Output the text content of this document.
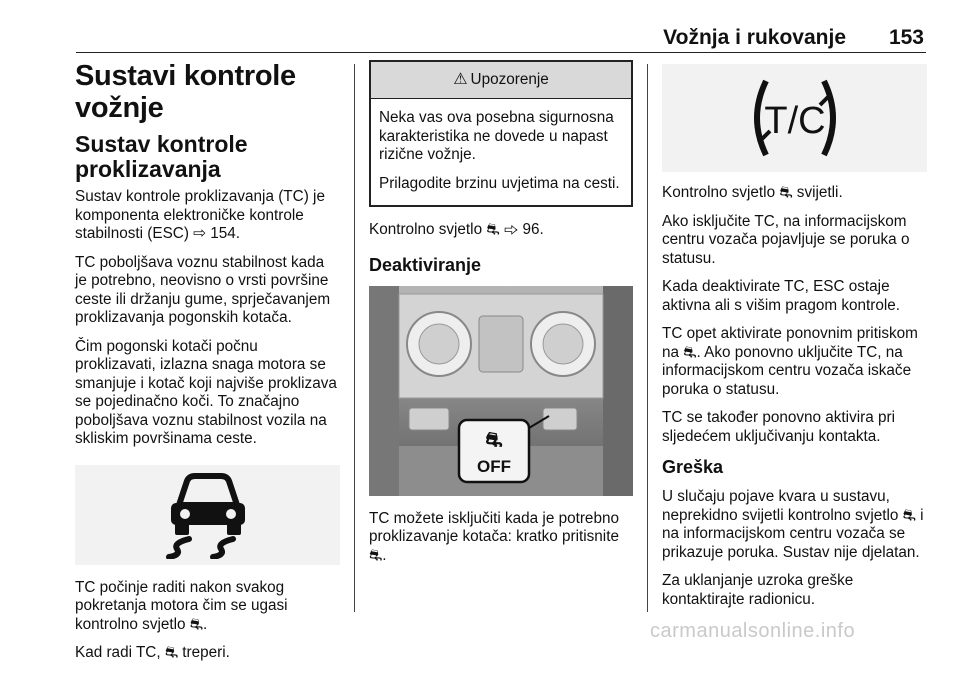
Vožnja i rukovanje 153
Sustavi kontrole vožnje
Sustav kontrole
proklizavanja

Sustav kontrole proklizavanja (TC) je komponenta elektroničke kontrole stabilnosti (ESC) ⇨ 154.

TC poboljšava voznu stabilnost kada je potrebno, neovisno o vrsti površine ceste ili držanju gume, sprječavanjem proklizavanja pogonskih kotača.

Čim pogonski kotači počnu proklizavati, izlazna snaga motora se smanjuje i kotač koji najviše proklizava se pojedinačno koči. To značajno poboljšava voznu stabilnost vozila na skliskim površinama ceste.

TC počinje raditi nakon svakog pokretanja motora čim se ugasi kontrolno svjetlo ⛐.

Kad radi TC, ⛐ treperi.

⚠ Upozorenje

Neka vas ova posebna sigurnosna karakteristika ne dovede u napast rizične vožnje.

Prilagodite brzinu uvjetima na cesti.

Kontrolno svjetlo ⛐ ⇨ 96.

Deaktiviranje
⛐
OFF

TC možete isključiti kada je potrebno proklizavanje kotača: kratko pritisnite ⛐.

T/C

Kontrolno svjetlo ⛐ svijetli.

Ako isključite TC, na informacijskom centru vozača pojavljuje se poruka o statusu.

Kada deaktivirate TC, ESC ostaje aktivna ali s višim pragom kontrole.

TC opet aktivirate ponovnim pritiskom na ⛐. Ako ponovno uključite TC, na informacijskom centru vozača iskače poruka o statusu.

TC se također ponovno aktivira pri sljedećem uključivanju kontakta.

Greška

U slučaju pojave kvara u sustavu, neprekidno svijetli kontrolno svjetlo ⛐ i na informacijskom centru vozača se prikazuje poruka. Sustav nije djelatan.

Za uklanjanje uzroka greške kontaktirajte radionicu.

carmanualsonline.info
